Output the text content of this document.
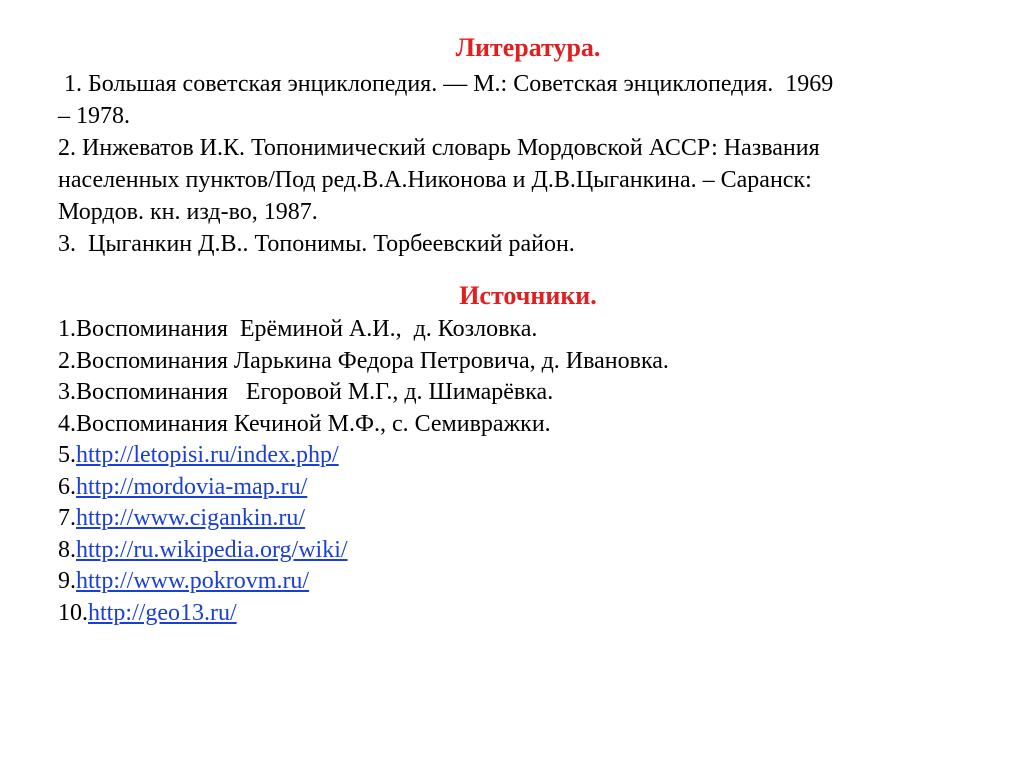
Литература.

1. Большая советская энциклопедия. — М.: Советская энциклопедия.  1969

– 1978.

2. Инжеватов И.К. Топонимический словарь Мордовской АССР: Названия

населенных пунктов/Под ред.В.А.Никонова и Д.В.Цыганкина. – Саранск:

Мордов. кн. изд-во, 1987.

3.  Цыганкин Д.В.. Топонимы. Торбеевский район.

Источники.

1.Воспоминания  Ерёминой А.И.,  д. Козловка.

2.Воспоминания Ларькина Федора Петровича, д. Ивановка.

3.Воспоминания   Егоровой М.Г., д. Шимарёвка.

4.Воспоминания Кечиной М.Ф., с. Семивражки.

5.http://letopisi.ru/index.php/

6.http://mordovia-map.ru/

7.http://www.cigankin.ru/

8.http://ru.wikipedia.org/wiki/

9.http://www.pokrovm.ru/

10.http://geo13.ru/
